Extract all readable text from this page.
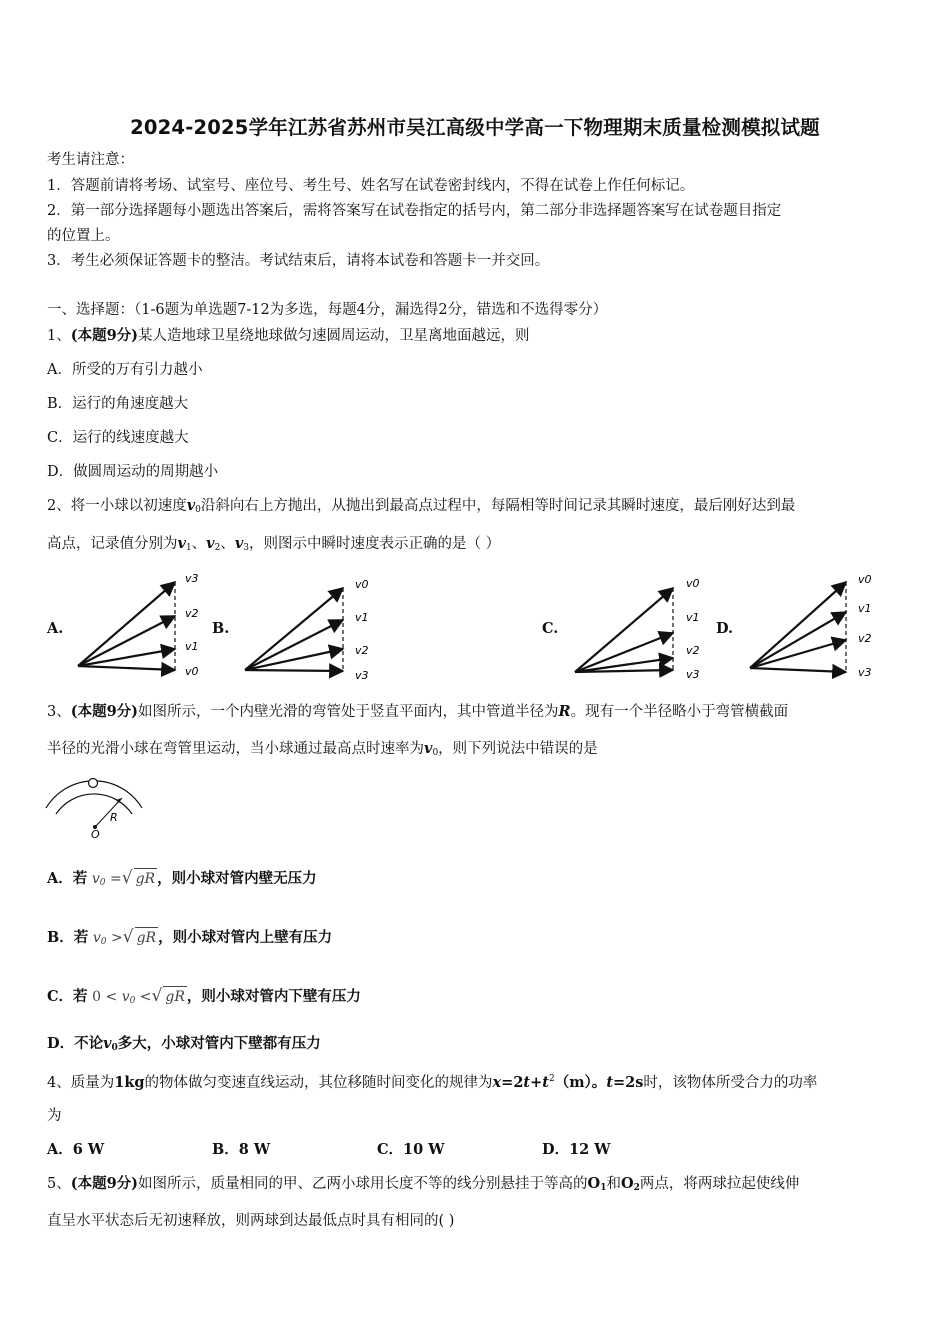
2024-2025学年江苏省苏州市吴江高级中学高一下物理期末质量检测模拟试题
考生请注意：
1．答题前请将考场、试室号、座位号、考生号、姓名写在试卷密封线内，不得在试卷上作任何标记。
2．第一部分选择题每小题选出答案后，需将答案写在试卷指定的括号内，第二部分非选择题答案写在试卷题目指定
的位置上。
3．考生必须保证答题卡的整洁。考试结束后，请将本试卷和答题卡一并交回。
一、选择题：（1-6题为单选题7-12为多选，每题4分，漏选得2分，错选和不选得零分）
1、(本题9分)某人造地球卫星绕地球做匀速圆周运动，卫星离地面越远，则
A．所受的万有引力越小
B．运行的角速度越大
C．运行的线速度越大
D．做圆周运动的周期越小
2、将一小球以初速度$v_0$沿斜向右上方抛出，从抛出到最高点过程中，每隔相等时间记录其瞬时速度，最后刚好达到最
高点，记录值分别为$v_1$、$v_2$、$v_3$，则图示中瞬时速度表示正确的是（ ）
A.	B.	C.	D.
v3
v2
v1
v0
v0
v1
v2
v3
v0
v1
v2
v3
v0
v1
v2
v3
3、(本题9分)如图所示，一个内壁光滑的弯管处于竖直平面内，其中管道半径为R。现有一个半径略小于弯管横截面
半径的光滑小球在弯管里运动，当小球通过最高点时速率为$v_0$，则下列说法中错误的是
R
O
A．若 $v_0$ =√ gR ，则小球对管内壁无压力
B．若 $v_0$ >√ gR ，则小球对管内上壁有压力
C．若 $0 < v_0$ <√ gR ，则小球对管内下壁有压力
D．不论$v_0$多大，小球对管内下壁都有压力
4、质量为1kg的物体做匀变速直线运动，其位移随时间变化的规律为$x=2t+t^2(m)$。t=2s时，该物体所受合力的功率
为
A．6 W	B．8 W	C．10 W	D．12 W
5、(本题9分)如图所示，质量相同的甲、乙两小球用长度不等的线分别悬挂于等高的$O_1$和$O_2$两点，将两球拉起使线伸
直呈水平状态后无初速释放，则两球到达最低点时具有相同的( )
